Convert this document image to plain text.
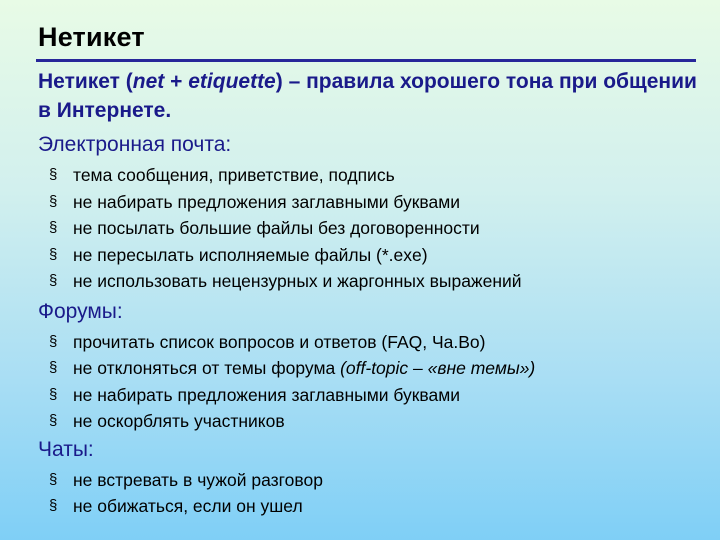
Нетикет

Нетикет (net + etiquette) – правила хорошего тона при общении в Интернете.

Электронная почта:

§ тема сообщения, приветствие, подпись
§ не набирать предложения заглавными буквами
§ не посылать большие файлы без договоренности
§ не пересылать исполняемые файлы (*.exe)
§ не использовать нецензурных и жаргонных выражений

Форумы:

§ прочитать список вопросов и ответов (FAQ, Ча.Во)
§ не отклоняться от темы форума (off-topic – «вне темы»)
§ не набирать предложения заглавными буквами
§ не оскорблять участников

Чаты:

§ не встревать в чужой разговор
§ не обижаться, если он ушел
